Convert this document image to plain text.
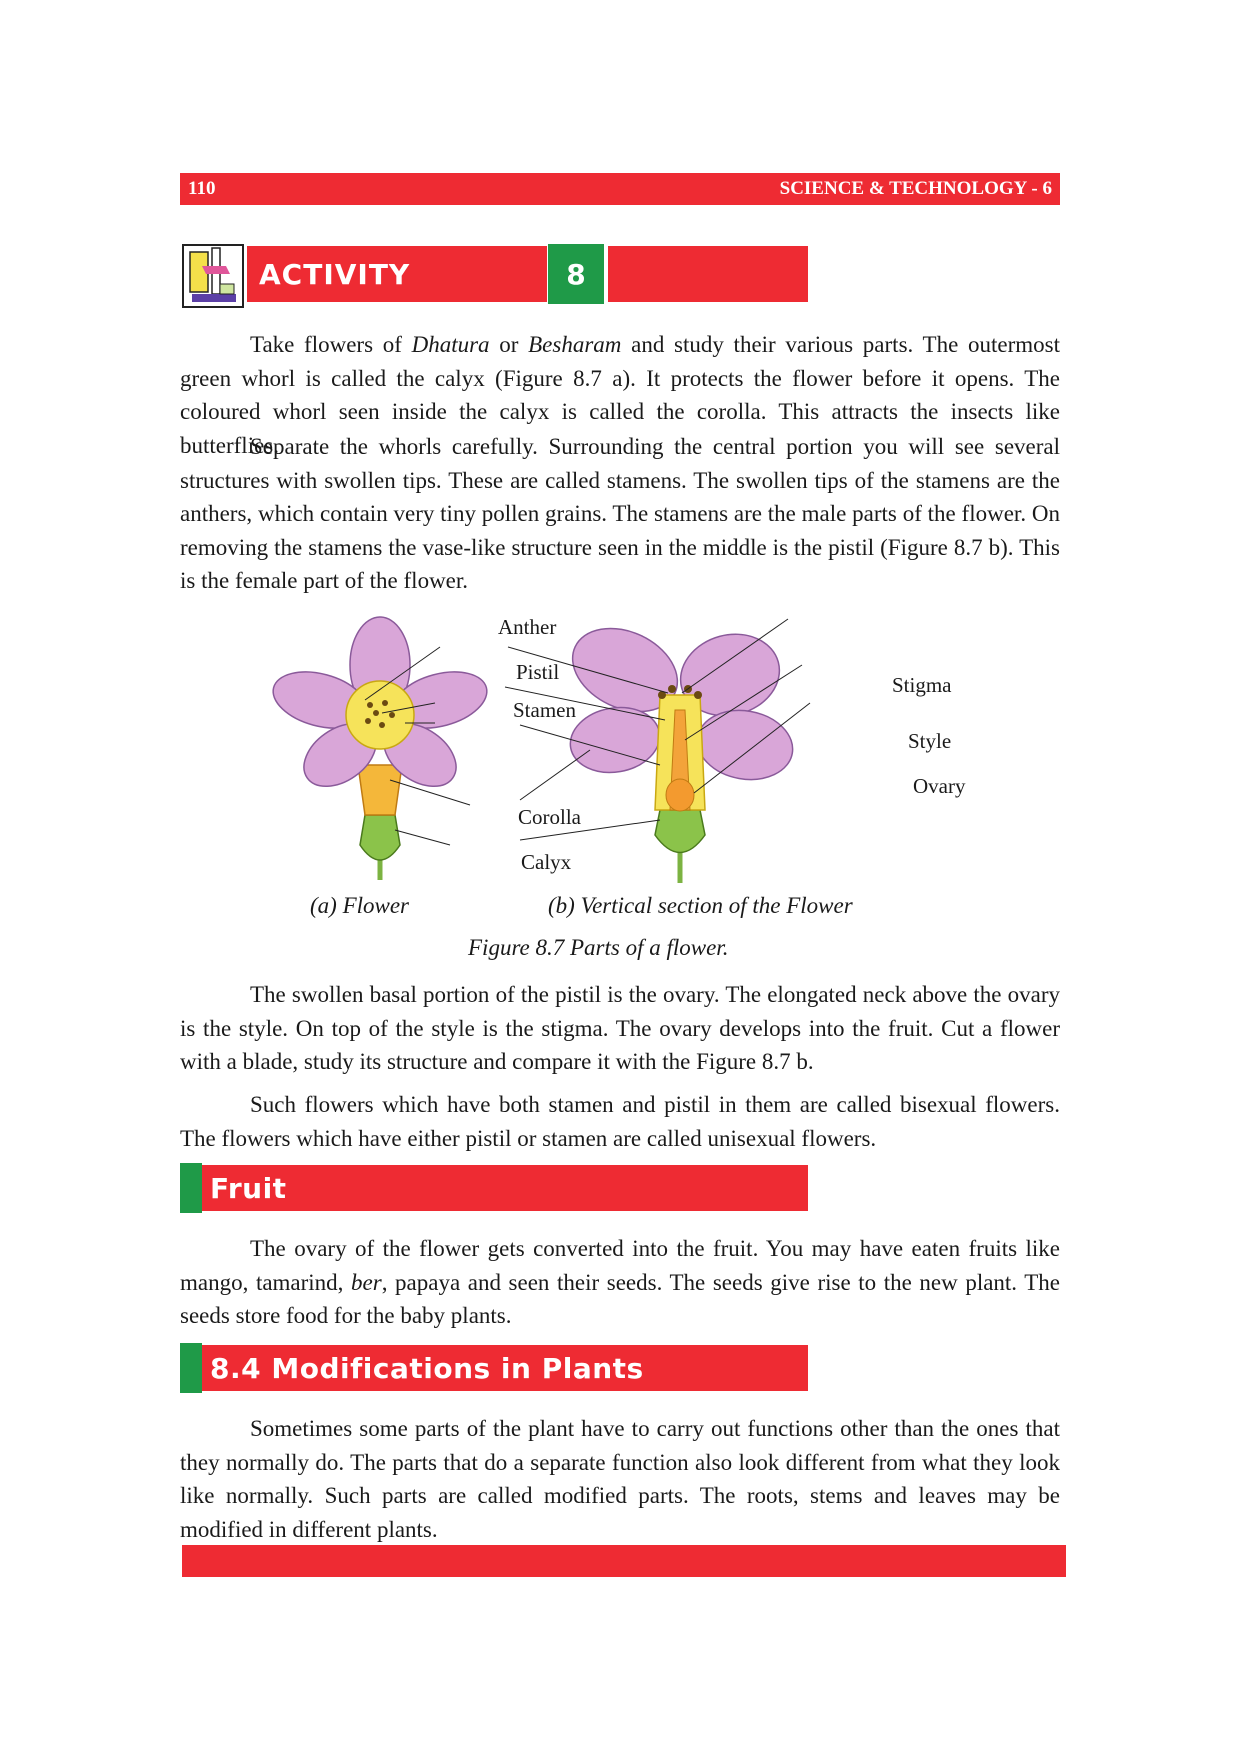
110	SCIENCE & TECHNOLOGY - 6
ACTIVITY	8

Take flowers of Dhatura or Besharam and study their various parts. The outermost green whorl is called the calyx (Figure 8.7 a). It protects the flower before it opens. The coloured whorl seen inside the calyx is called the corolla. This attracts the insects like butterflies.

Separate the whorls carefully. Surrounding the central portion you will see several structures with swollen tips. These are called stamens. The swollen tips of the stamens are the anthers, which contain very tiny pollen grains. The stamens are the male parts of the flower. On removing the stamens the vase-like structure seen in the middle is the pistil (Figure 8.7 b). This is the female part of the flower.

Anther
Pistil
Stamen
Corolla
Calyx
Stigma
Style
Ovary
(a) Flower	(b) Vertical section of the Flower
Figure 8.7 Parts of a flower.

The swollen basal portion of the pistil is the ovary. The elongated neck above the ovary is the style. On top of the style is the stigma. The ovary develops into the fruit. Cut a flower with a blade, study its structure and compare it with the Figure 8.7 b.

Such flowers which have both stamen and pistil in them are called bisexual flowers. The flowers which have either pistil or stamen are called unisexual flowers.

Fruit

The ovary of the flower gets converted into the fruit. You may have eaten fruits like mango, tamarind, ber, papaya and seen their seeds. The seeds give rise to the new plant. The seeds store food for the baby plants.

8.4 Modifications in Plants

Sometimes some parts of the plant have to carry out functions other than the ones that they normally do. The parts that do a separate function also look different from what they look like normally. Such parts are called modified parts. The roots, stems and leaves may be modified in different plants.
